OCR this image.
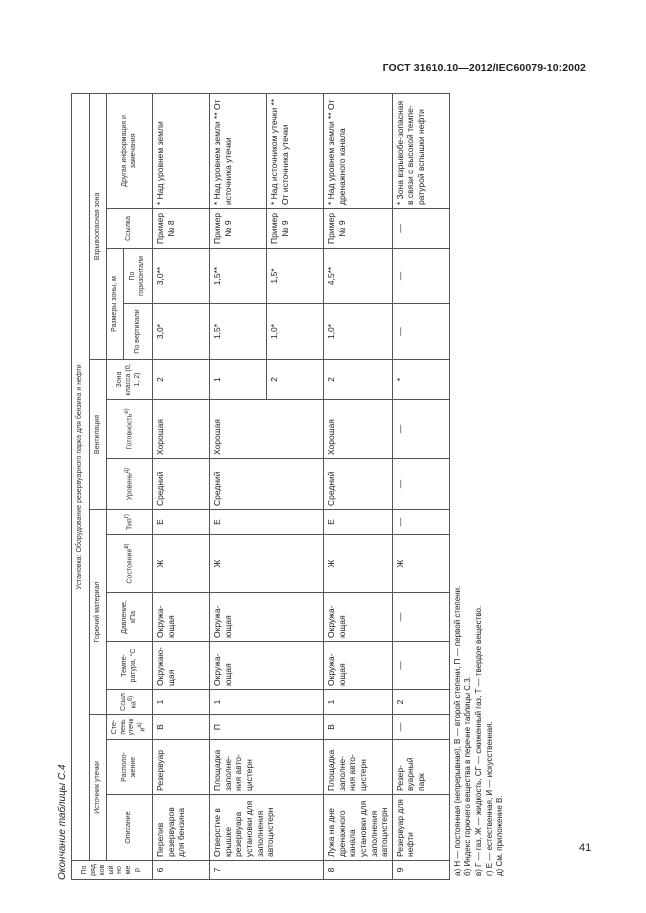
ГОСТ 31610.10—2012/IEC60079-10:2002
Окончание таблицы С.4	Порядковый номер	Установка: Оборудование резервуарного парка для бензина и нефти														
	Источник утечки			Горючий материал					Вентиляция			Взрывоопасная зона			
	Описание	Располо-жение	Сте-пень утечки$^{а)}$	Ссылка$^{б)}$	Темпе-ратура, °С	Давление, кПа	Состояние$^{в)}$	Тип$^{г)}$	Уровень$^{д)}$	Готовность$^{е)}$	Зона класса (0, 1, 2)	Размеры зоны, м		Ссылка	Другая информация и замечания
												По вертикали	По горизонтали		
6	Перелив резервуаров для бензина	Резервуар	В	1	Окружаю-щая	Окружа-ющая	Ж	Е	Средний	Хорошая	2	3,0*	3,0**	Пример № 8	* Над уровнем земли
7	Отверстие в крышке резервуара установки для заполнения автоцистерн	Площадка заполне-ния авто-цистерн	П	1	Окружа-ющая	Окружа-ющая	Ж	Е	Средний	Хорошая	1	1,5*	1,5**	Пример № 9	* Над уровнем земли ** От источника утечки
											2	1,0*	1,5*	Пример № 9	* Над источником утечки ** От источника утечки
8	Лужа на дне дренажного канала установки для заполнения автоцистерн	Площадка заполне-ния авто-цистерн	В	1	Окружа-ющая	Окружа-ющая	Ж	Е	Средний	Хорошая	2	1,0*	4,5**	Пример № 9	* Над уровнем земли ** От дренажного канала
9	Резервуар для нефти	Резер-вуарный парк	—	2	—	—	Ж	—	—	—	*	—	—	—	* Зона взрывобе-зопасная в связи с высокой темпе-ратурой вспышки нефти
а) Н — постоянная (непрерывная), В — второй степени, П — первой степени. б) Индекс горючего вещества в перечне таблицы С.3. в) Г — газ, Ж — жидкость, СГ — сжиженный газ, Т — твердое вещество. г) Е — естественная, И — искусственная. д) См. приложение В.	41
